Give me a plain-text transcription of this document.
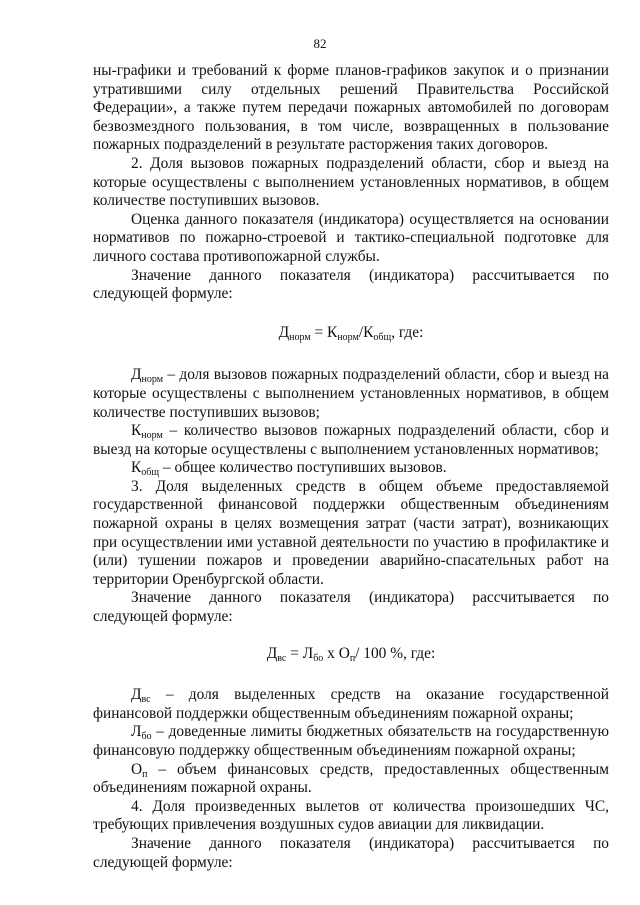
82

ны-графики и требований к форме планов-графиков закупок и о признании утратившими силу отдельных решений Правительства Российской Федерации», а также путем передачи пожарных автомобилей по договорам безвозмездного пользования, в том числе, возвращенных в пользование пожарных подразделений в результате расторжения таких договоров.

2. Доля вызовов пожарных подразделений области, сбор и выезд на которые осуществлены с выполнением установленных нормативов, в общем количестве поступивших вызовов.

Оценка данного показателя (индикатора) осуществляется на основании нормативов по пожарно-строевой и тактико-специальной подготовке для личного состава противопожарной службы.

Значение данного показателя (индикатора) рассчитывается по следующей формуле:

$Д_{норм} = К_{норм}/К_{общ}$, где:

$Д_{норм}$ – доля вызовов пожарных подразделений области, сбор и выезд на которые осуществлены с выполнением установленных нормативов, в общем количестве поступивших вызовов;

$К_{норм}$ – количество вызовов пожарных подразделений области, сбор и выезд на которые осуществлены с выполнением установленных нормативов;

$К_{общ}$ – общее количество поступивших вызовов.

3. Доля выделенных средств в общем объеме предоставляемой государственной финансовой поддержки общественным объединениям пожарной охраны в целях возмещения затрат (части затрат), возникающих при осуществлении ими уставной деятельности по участию в профилактике и (или) тушении пожаров и проведении аварийно-спасательных работ на территории Оренбургской области.

Значение данного показателя (индикатора) рассчитывается по следующей формуле:

$Д_{вс} = Л_{бо}$ х $О_п/$ 100 %, где:

$Д_{вс}$ – доля выделенных средств на оказание государственной финансовой поддержки общественным объединениям пожарной охраны;

$Л_{бо}$ – доведенные лимиты бюджетных обязательств на государственную финансовую поддержку общественным объединениям пожарной охраны;

$О_п$ – объем финансовых средств, предоставленных общественным объединениям пожарной охраны.

4. Доля произведенных вылетов от количества произошедших ЧС, требующих привлечения воздушных судов авиации для ликвидации.

Значение данного показателя (индикатора) рассчитывается по следующей формуле:
